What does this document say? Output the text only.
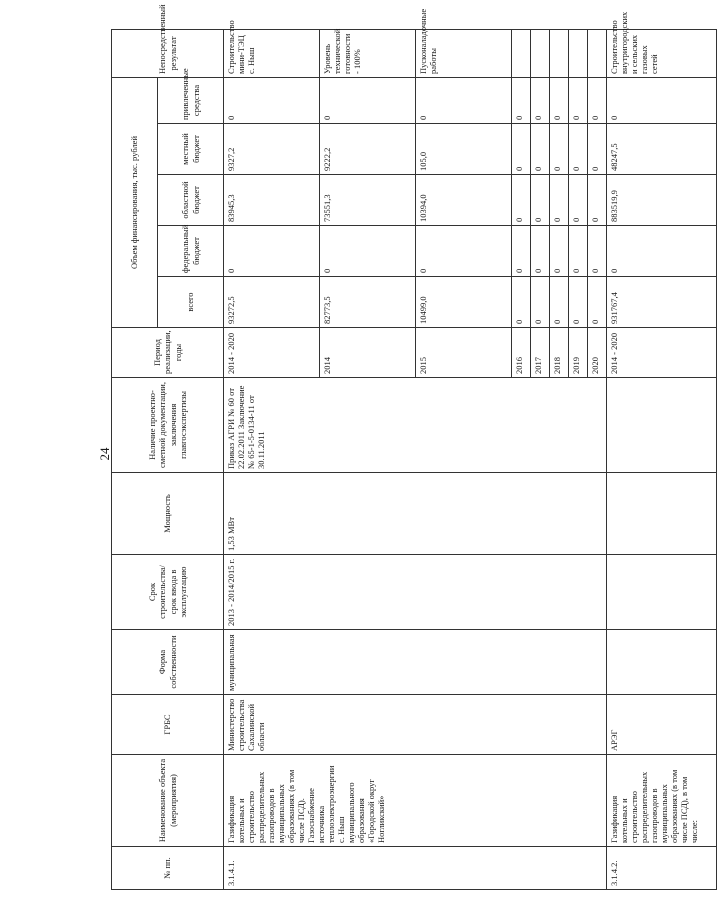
24
№ пп.	Наименование объекта (мероприятия)	ГРБС	Форма собственности	Срок строительства/срок ввода в эксплуатацию	Мощность	Наличие проектно-сметной документации, заключения главгосэкспертизы	Период реализации, годы	Объем финансирования, тыс. рублей					Непосредственный результат
								всего	федеральный бюджет	областной бюджет	местный бюджет	привлеченные средства	
3.1.4.1.	Газификация котельных и строительство распределительных газопроводов в муниципальных образованиях (в том числе ПСД). Газоснабжение источника теплоэлектроэнергии с. Ныш муниципального образования «Городской округ Ногликский»	Министерство строительства Сахалинской области	муниципальная	2013 - 2014/2015 г.	1,53 МВт	Приказ АГРИ № 60 от 22.02.2011 Заключение № 65-1-5-0134-11 от 30.11.2011	2014 - 2020	93272,5	0	83945,3	9327,2	0	Строительство мини-ТЭЦ с. Ныш
							2014	82773,5	0	73551,3	9222,2	0	Уровень технической готовности - 100%
							2015	10499,0	0	10394,0	105,0	0	Пусконаладочные работы
							2016	0	0	0	0	0	
							2017	0	0	0	0	0	
							2018	0	0	0	0	0	
							2019	0	0	0	0	0	
							2020	0	0	0	0	0	
3.1.4.2.	Газификация котельных и строительство распределительных газопроводов в муниципальных образованиях (в том числе ПСД), в том числе:	АРЭГ					2014 - 2020	931767,4	0	883519,9	48247,5	0	Строительство внутригородских и сельских газовых сетей
